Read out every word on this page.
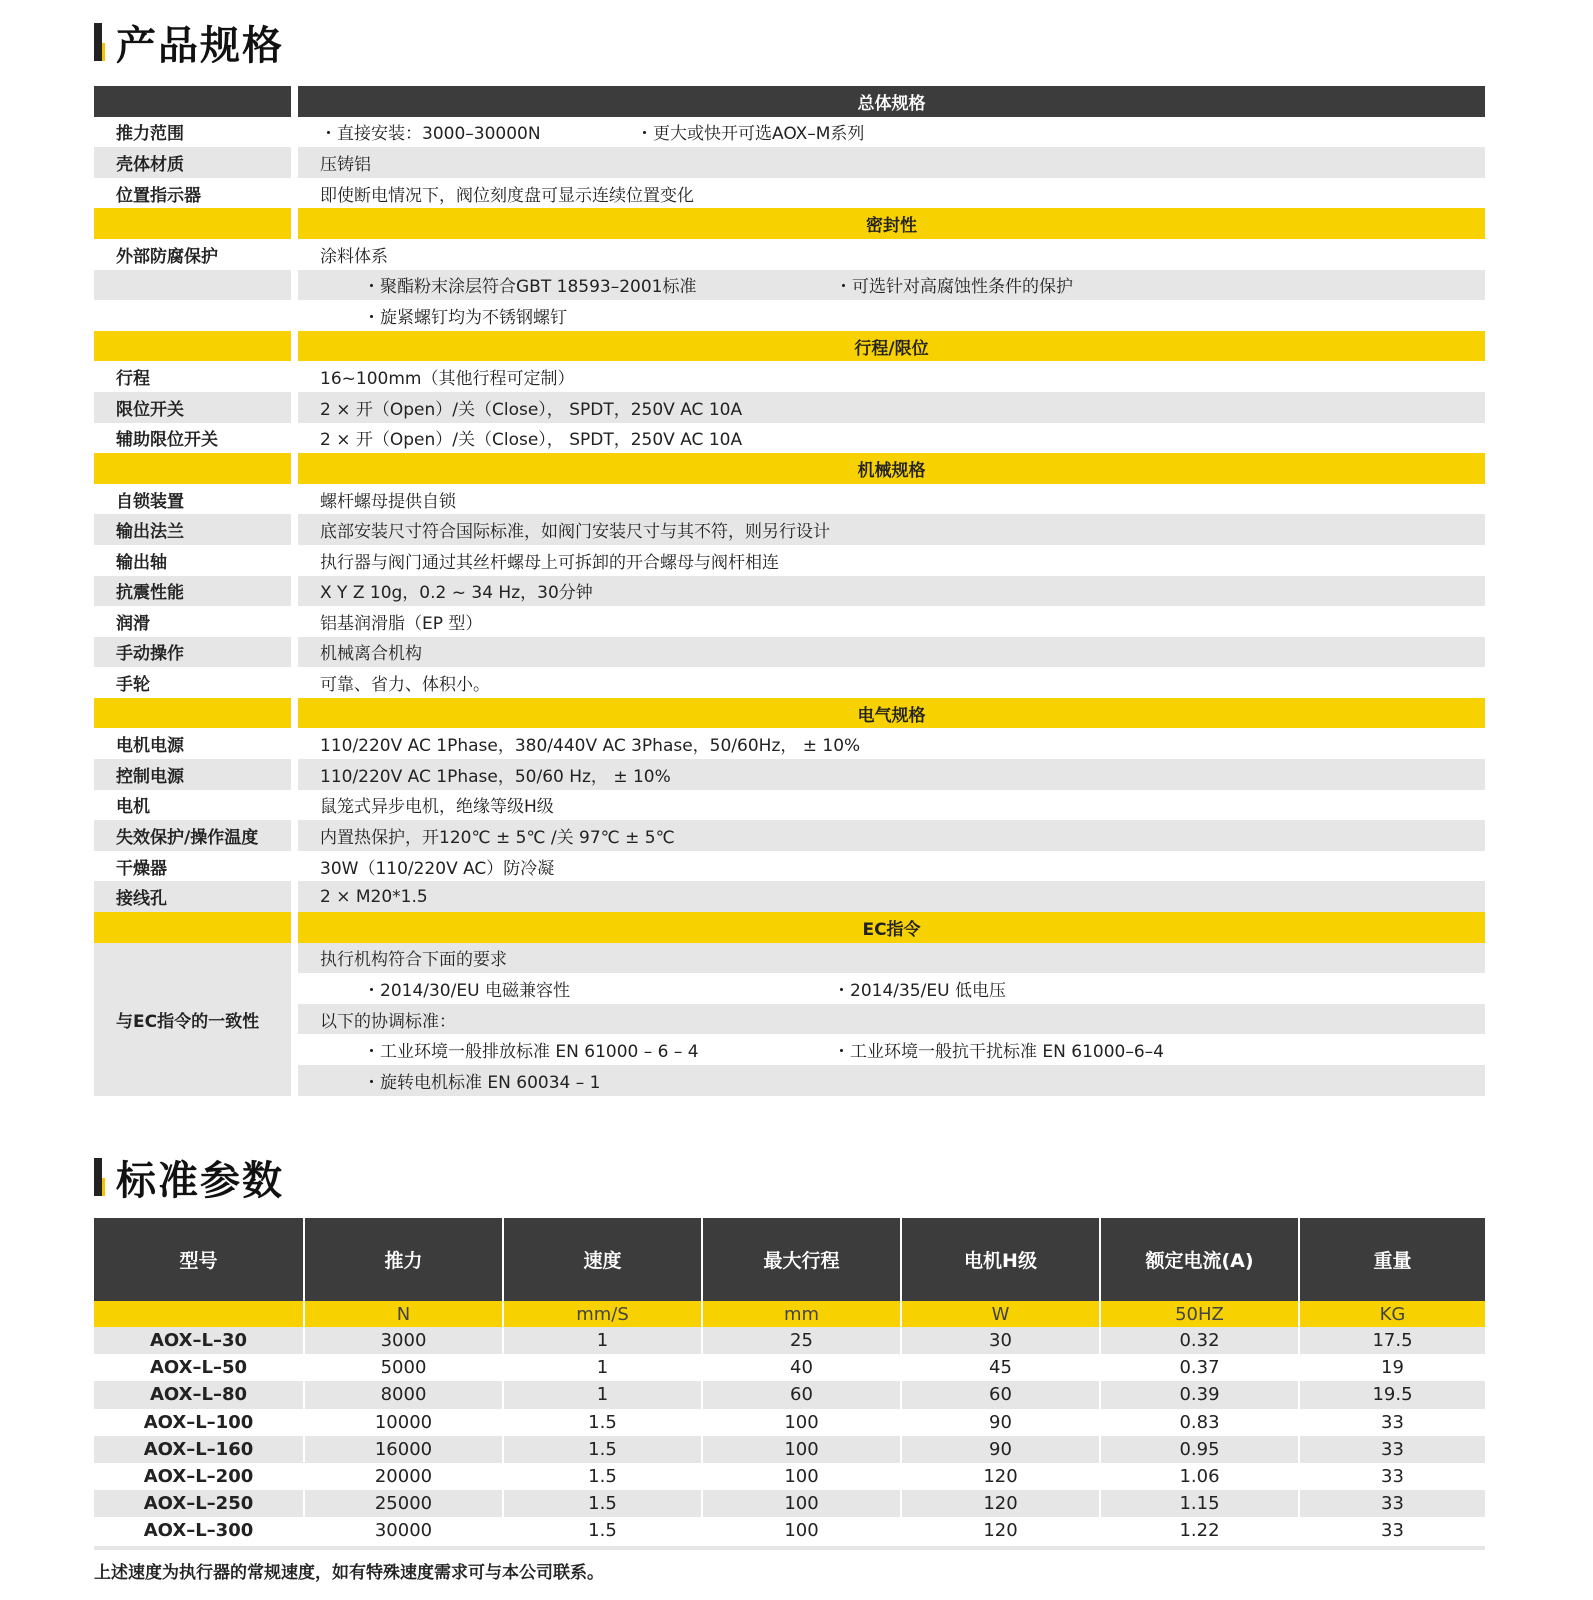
产品规格
总体规格
推力范围	・直接安装：3000–30000N	・更大或快开可选AOX–M系列
壳体材质	压铸铝
位置指示器	即使断电情况下，阀位刻度盘可显示连续位置变化
密封性
外部防腐保护	涂料体系
・聚酯粉末涂层符合GBT 18593–2001标准	・可选针对高腐蚀性条件的保护
・旋紧螺钉均为不锈钢螺钉
行程/限位
行程	16~100mm（其他行程可定制）
限位开关	2 × 开（Open）/关（Close）， SPDT，250V AC 10A
辅助限位开关	2 × 开（Open）/关（Close）， SPDT，250V AC 10A
机械规格
自锁装置	螺杆螺母提供自锁
输出法兰	底部安装尺寸符合国际标准，如阀门安装尺寸与其不符，则另行设计
输出轴	执行器与阀门通过其丝杆螺母上可拆卸的开合螺母与阀杆相连
抗震性能	X Y Z 10g，0.2 ~ 34 Hz，30分钟
润滑	铝基润滑脂（EP 型）
手动操作	机械离合机构
手轮	可靠、省力、体积小。
电气规格
电机电源	110/220V AC 1Phase，380/440V AC 3Phase，50/60Hz， ± 10%
控制电源	110/220V AC 1Phase，50/60 Hz， ± 10%
电机	鼠笼式异步电机，绝缘等级H级
失效保护/操作温度	内置热保护，开120℃ ± 5℃ /关 97℃ ± 5℃
干燥器	30W（110/220V AC）防冷凝
接线孔	2 × M20*1.5
EC指令
与EC指令的一致性
执行机构符合下面的要求
・2014/30/EU 电磁兼容性	・2014/35/EU 低电压
以下的协调标准：
・工业环境一般排放标准 EN 61000 – 6 – 4	・工业环境一般抗干扰标准 EN 61000–6–4
・旋转电机标准 EN 60034 – 1
标准参数
型号	推力	速度	最大行程	电机H级	额定电流(A)	重量
	N	mm/S	mm	W	50HZ	KG
AOX–L–30	3000	1	25	30	0.32	17.5
AOX–L–50	5000	1	40	45	0.37	19
AOX–L–80	8000	1	60	60	0.39	19.5
AOX–L–100	10000	1.5	100	90	0.83	33
AOX–L–160	16000	1.5	100	90	0.95	33
AOX–L–200	20000	1.5	100	120	1.06	33
AOX–L–250	25000	1.5	100	120	1.15	33
AOX–L–300	30000	1.5	100	120	1.22	33
上述速度为执行器的常规速度，如有特殊速度需求可与本公司联系。
